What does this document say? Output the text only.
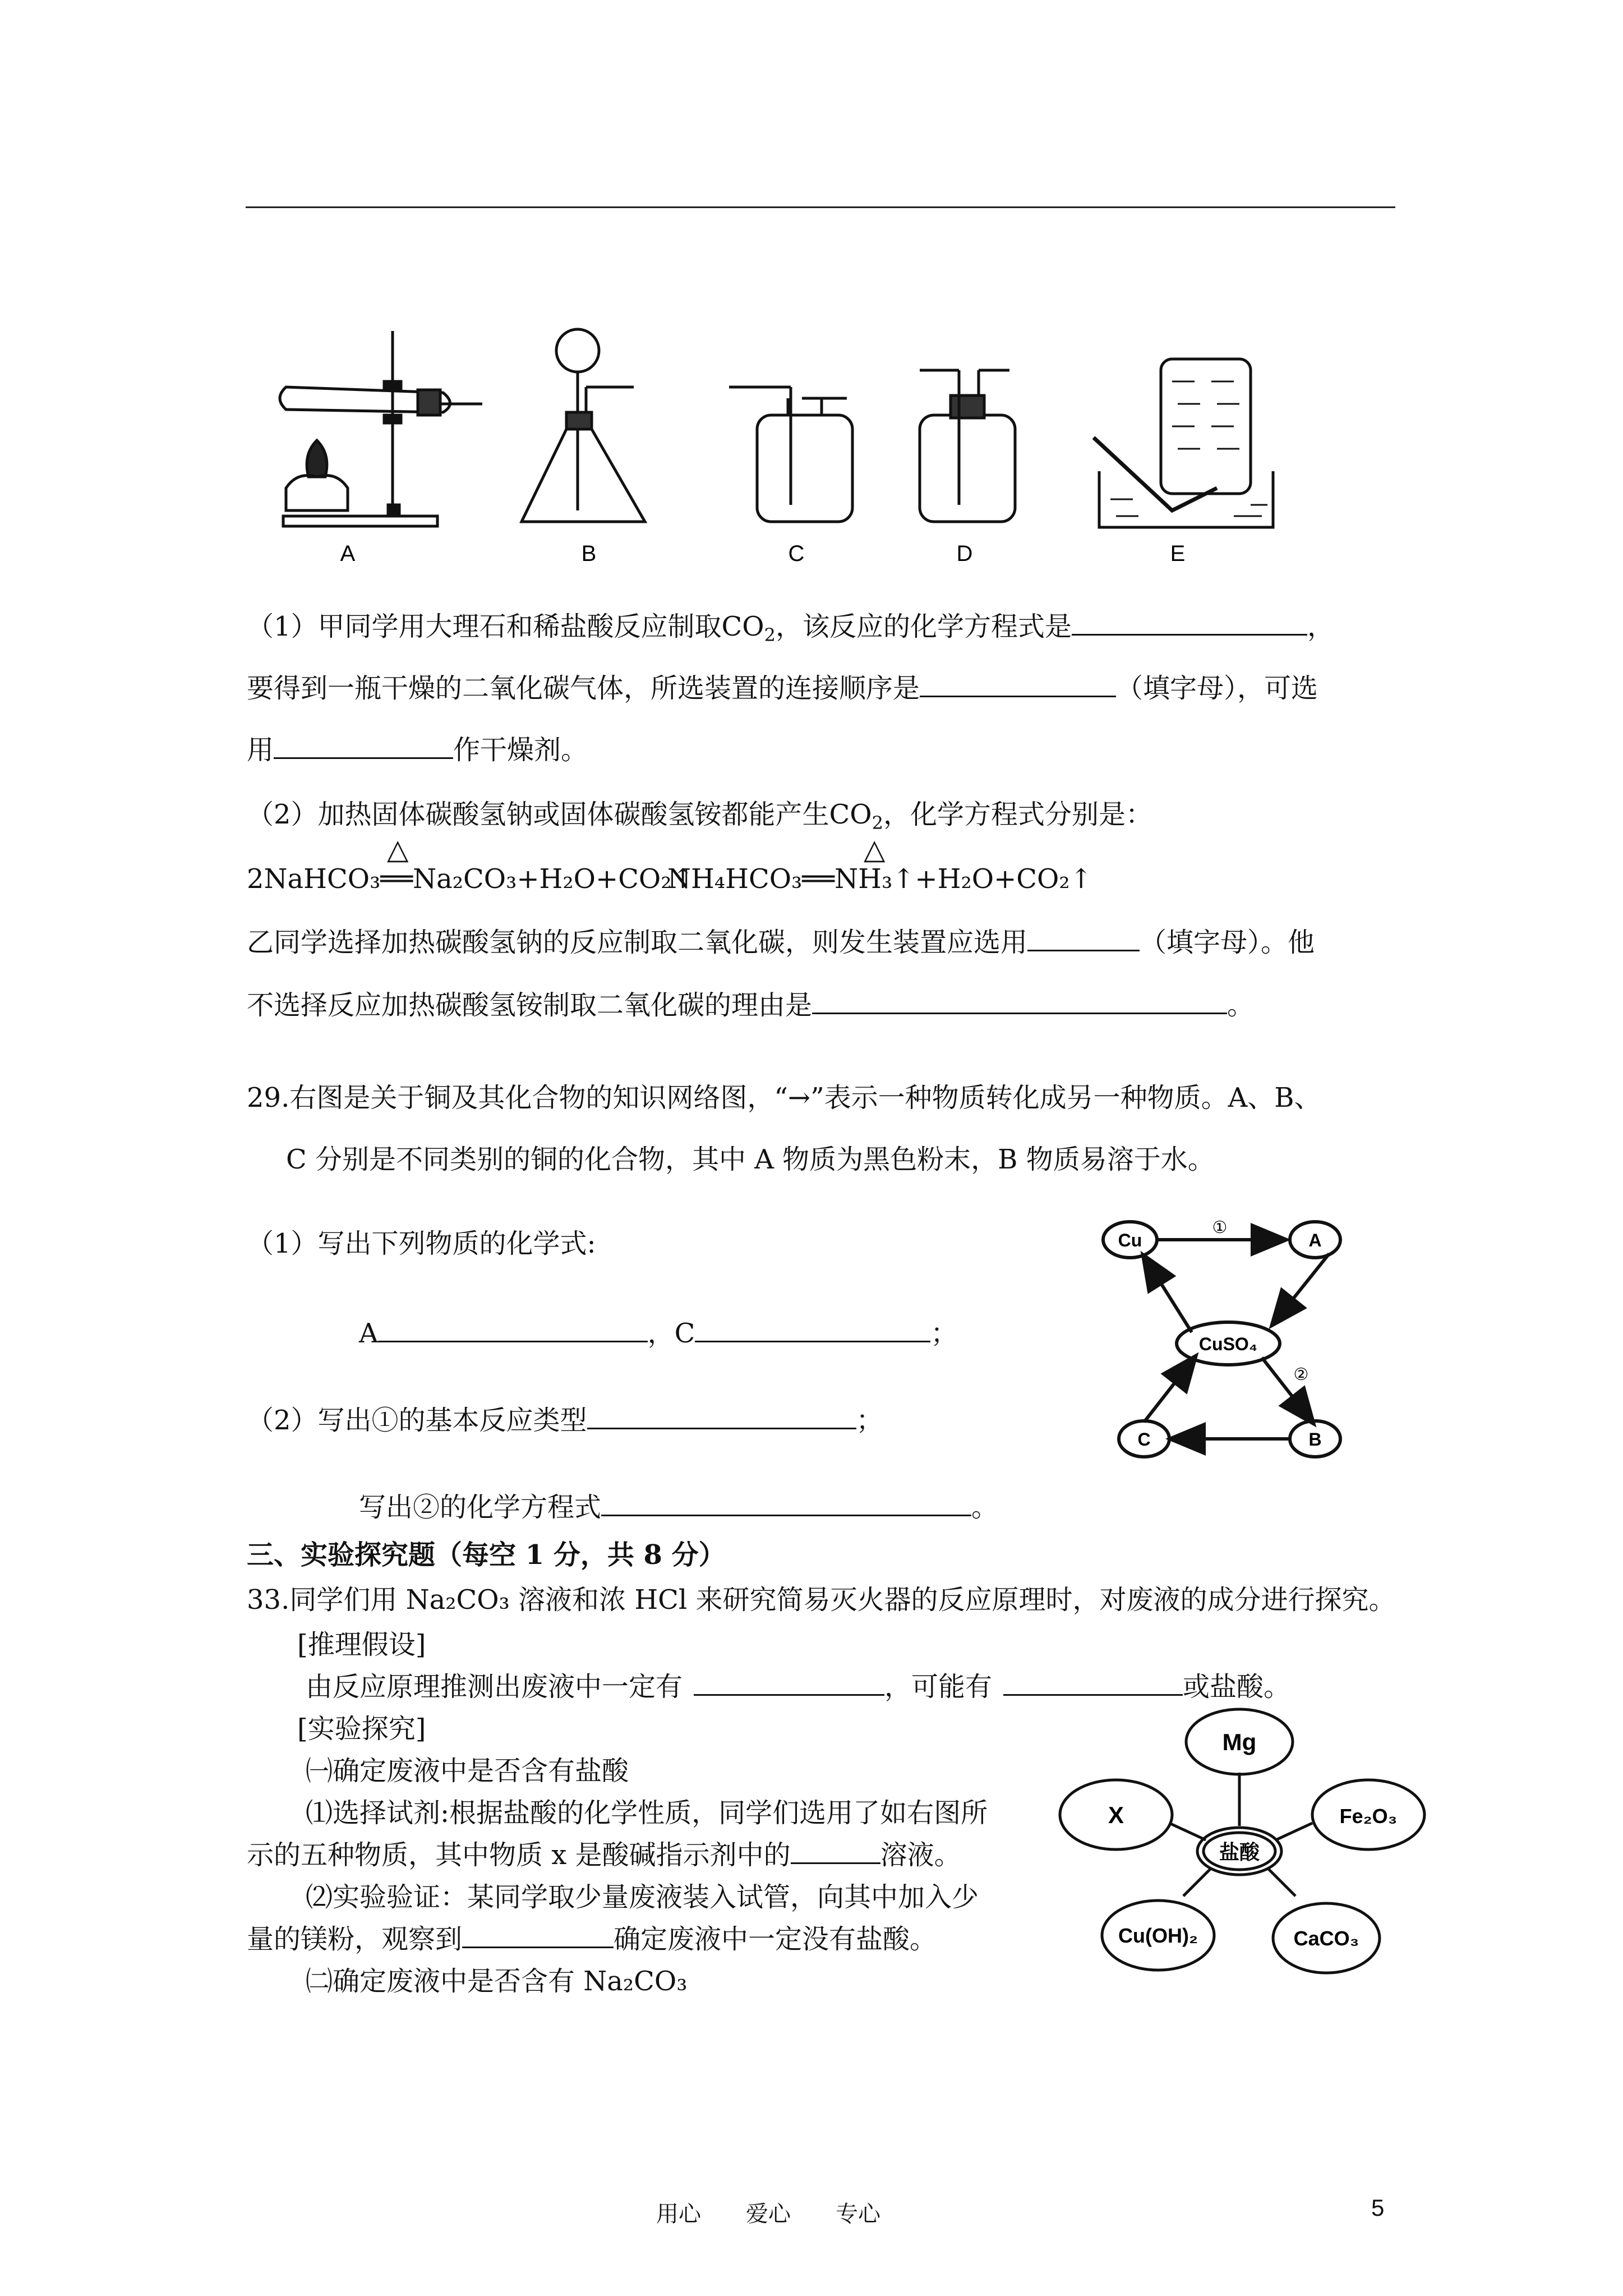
A	B	C	D	E
（1）甲同学用大理石和稀盐酸反应制取$CO_2$，该反应的化学方程式是	，
要得到一瓶干燥的二氧化碳气体，所选装置的连接顺序是	（填字母），可选
用	作干燥剂。
（2）加热固体碳酸氢钠或固体碳酸氢铵都能产生$CO_2$，化学方程式分别是：
△	△
2NaHCO₃══Na₂CO₃+H₂O+CO₂↑
NH₄HCO₃══NH₃↑+H₂O+CO₂↑
乙同学选择加热碳酸氢钠的反应制取二氧化碳，则发生装置应选用	（填字母）。他
不选择反应加热碳酸氢铵制取二氧化碳的理由是	。
29.右图是关于铜及其化合物的知识网络图，“→”表示一种物质转化成另一种物质。A、B、
C 分别是不同类别的铜的化合物，其中 A 物质为黑色粉末，B 物质易溶于水。
（1）写出下列物质的化学式:
A	，C	；
（2）写出①的基本反应类型	；
写出②的化学方程式	。
Cu	A
CuSO₄
B
C
①
②
三、实验探究题（每空 1 分，共 8 分）
33.同学们用 Na₂CO₃ 溶液和浓 HCl 来研究简易灭火器的反应原理时，对废液的成分进行探究。
[推理假设]
由反应原理推测出废液中一定有	，可能有	或盐酸。
[实验探究]
㈠确定废液中是否含有盐酸
⑴选择试剂:根据盐酸的化学性质，同学们选用了如右图所
示的五种物质，其中物质 x 是酸碱指示剂中的	溶液。
⑵实验验证：某同学取少量废液装入试管，向其中加入少
量的镁粉，观察到	确定废液中一定没有盐酸。
㈡确定废液中是否含有 Na₂CO₃
Mg
X	Fe₂O₃
盐酸
Cu(OH)₂	CaCO₃
用心　　爱心　　专心	5
